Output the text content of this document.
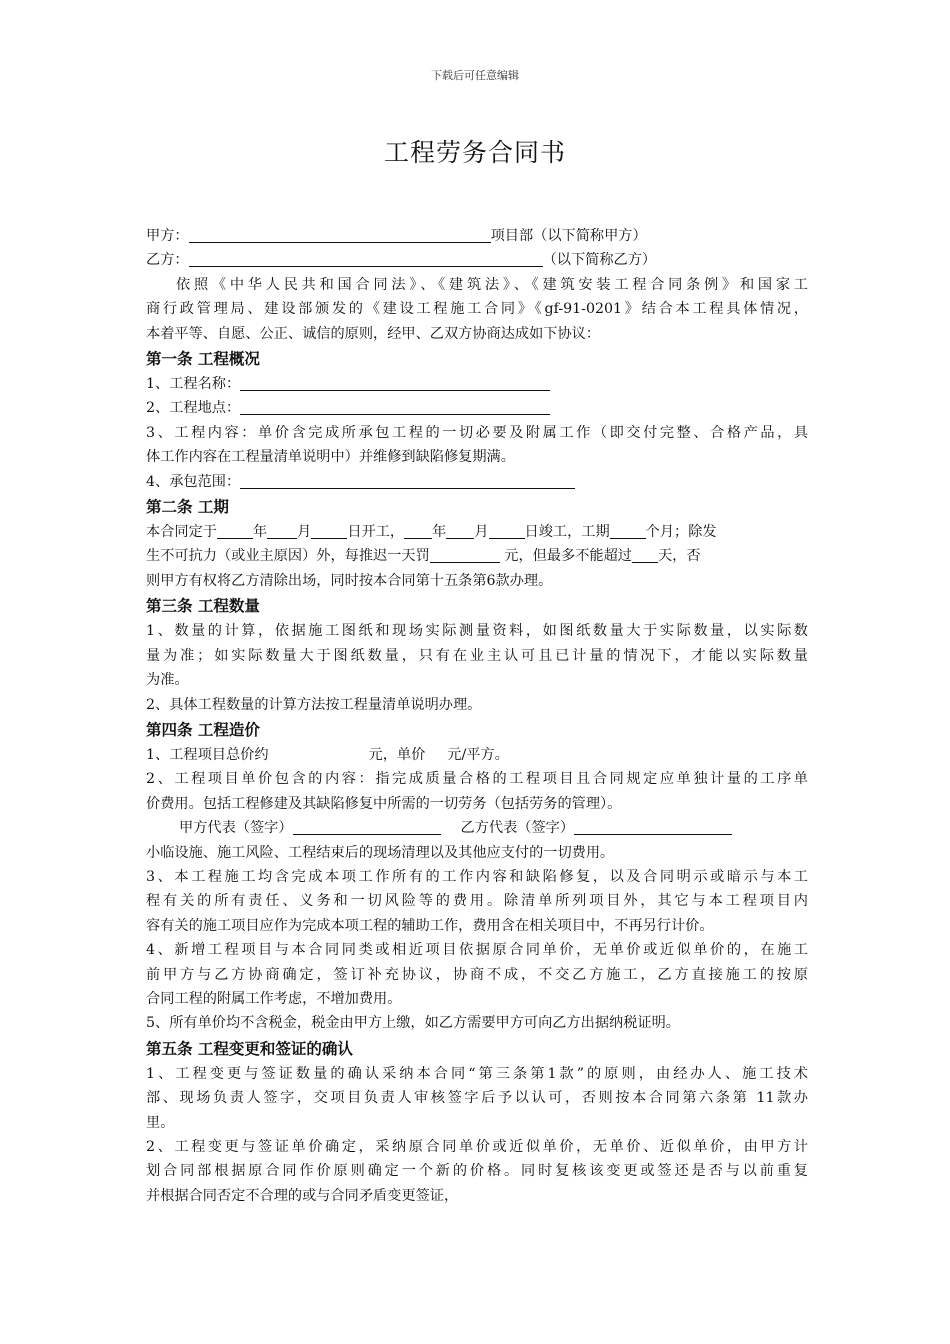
下载后可任意编辑
工程劳务合同书
甲方：	项目部（以下简称甲方）
乙方：	（以下简称乙方）
依照《中华人民共和国合同法》、《建筑法》、《建筑安装工程合同条例》和国家工
商行政管理局、建设部颁发的《建设工程施工合同》《gf-91-0201》结合本工程具体情况，
本着平等、自愿、公正、诚信的原则，经甲、乙双方协商达成如下协议：
第一条 工程概况
1、工程名称：
2、工程地点：
3、工程内容：单价含完成所承包工程的一切必要及附属工作（即交付完整、合格产品，具
体工作内容在工程量清单说明中）并维修到缺陷修复期满。
4、承包范围：
第二条 工期
本合同定于	年 月	日开工， 年 月	日竣工，工期	个月；除发
生不可抗力（或业主原因）外，每推迟一天罚	元，但最多不能超过 天，否
则甲方有权将乙方清除出场，同时按本合同第十五条第6款办理。
第三条 工程数量
1、数量的计算，依据施工图纸和现场实际测量资料，如图纸数量大于实际数量，以实际数
量为准；如实际数量大于图纸数量，只有在业主认可且已计量的情况下，才能以实际数量
为准。
2、具体工程数量的计算方法按工程量清单说明办理。
第四条 工程造价
1、工程项目总价约	元，单价 元/平方。
2、工程项目单价包含的内容：指完成质量合格的工程项目且合同规定应单独计量的工序单
价费用。包括工程修建及其缺陷修复中所需的一切劳务（包括劳务的管理）。
甲方代表（签字）	乙方代表（签字）
小临设施、施工风险、工程结束后的现场清理以及其他应支付的一切费用。
3、本工程施工均含完成本项工作所有的工作内容和缺陷修复，以及合同明示或暗示与本工
程有关的所有责任、义务和一切风险等的费用。除清单所列项目外，其它与本工程项目内
容有关的施工项目应作为完成本项工程的辅助工作，费用含在相关项目中，不再另行计价。
4、新增工程项目与本合同同类或相近项目依据原合同单价，无单价或近似单价的，在施工
前甲方与乙方协商确定，签订补充协议，协商不成，不交乙方施工，乙方直接施工的按原
合同工程的附属工作考虑，不增加费用。
5、所有单价均不含税金，税金由甲方上缴，如乙方需要甲方可向乙方出据纳税证明。
第五条 工程变更和签证的确认
1、工程变更与签证数量的确认采纳本合同“第三条第1款”的原则，由经办人、施工技术
部、现场负责人签字，交项目负责人审核签字后予以认可，否则按本合同第六条第 11款办
里。
2、工程变更与签证单价确定，采纳原合同单价或近似单价，无单价、近似单价，由甲方计
划合同部根据原合同作价原则确定一个新的价格。同时复核该变更或签还是否与以前重复
并根据合同否定不合理的或与合同矛盾变更签证，
